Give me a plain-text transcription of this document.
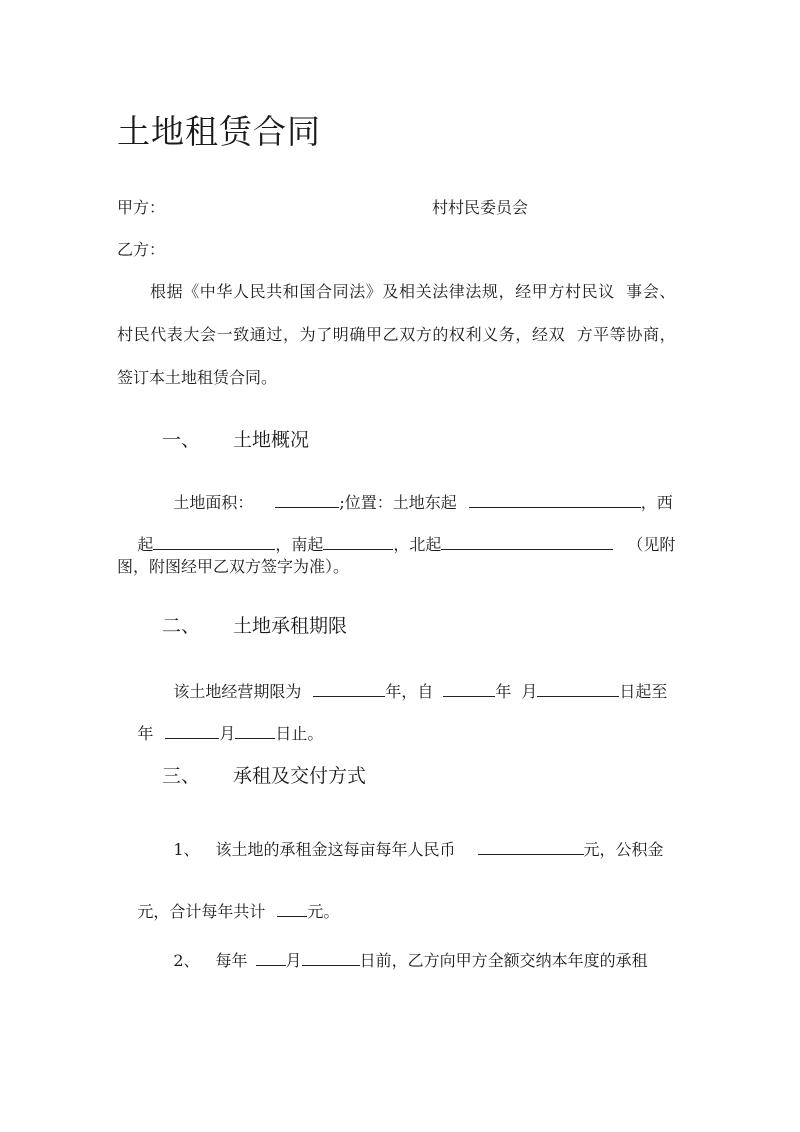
土地租赁合同
甲方：	村村民委员会
乙方：
根据《中华人民共和国合同法》及相关法律法规，经甲方村民议  事会、
村民代表大会一致通过，为了明确甲乙双方的权利义务，经双  方平等协商，
签订本土地租赁合同。
一、 土地概况

土地面积：	;位置：土地东起	，西

起	，南起	，北起	（见附

图，附图经甲乙双方签字为准）。
二、 土地承租期限

该土地经营期限为	年，自	年 月	日起至

年	月	日止。

三、 承租及交付方式

1、 该土地的承租金这每亩每年人民币	元，公积金

元，合计每年共计	元。

2、 每年 月	日前，乙方向甲方全额交纳本年度的承租
